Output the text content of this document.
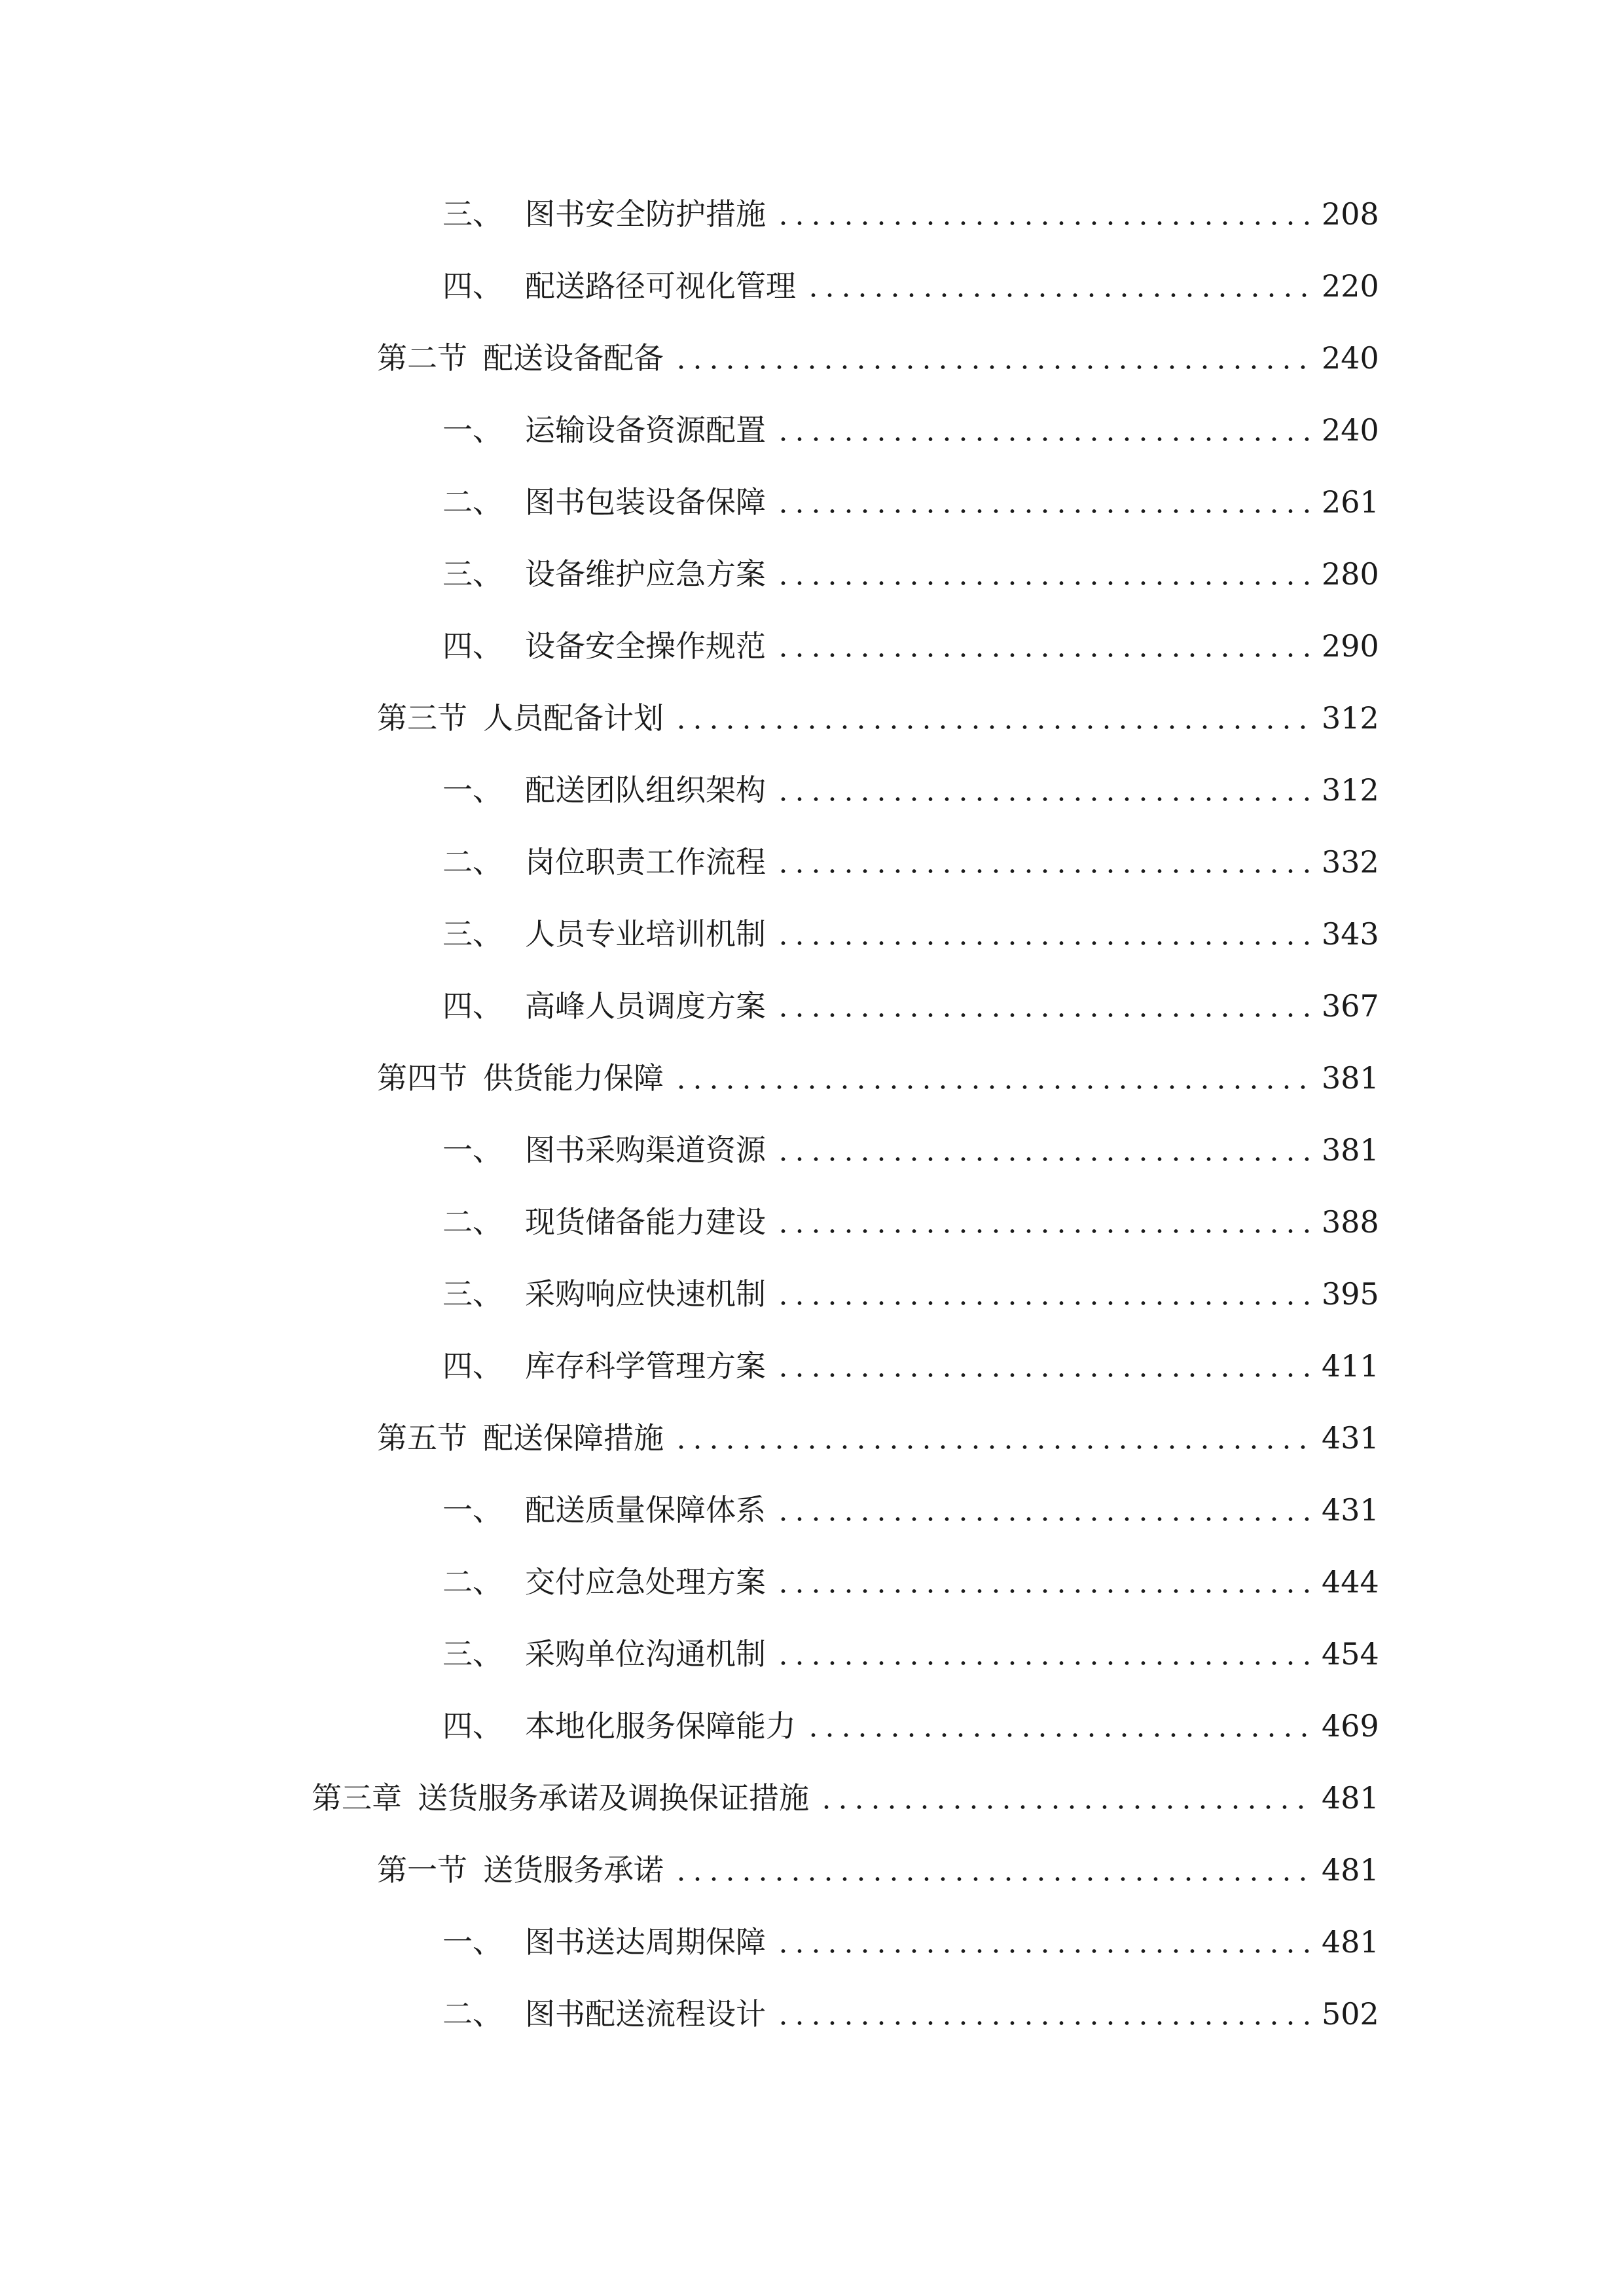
三、 图书安全防护措施	208
四、 配送路径可视化管理	220
第二节 配送设备配备	240
一、 运输设备资源配置	240
二、 图书包装设备保障	261
三、 设备维护应急方案	280
四、 设备安全操作规范	290
第三节 人员配备计划	312
一、 配送团队组织架构	312
二、 岗位职责工作流程	332
三、 人员专业培训机制	343
四、 高峰人员调度方案	367
第四节 供货能力保障	381
一、 图书采购渠道资源	381
二、 现货储备能力建设	388
三、 采购响应快速机制	395
四、 库存科学管理方案	411
第五节 配送保障措施	431
一、 配送质量保障体系	431
二、 交付应急处理方案	444
三、 采购单位沟通机制	454
四、 本地化服务保障能力	469
第三章 送货服务承诺及调换保证措施	481
第一节 送货服务承诺	481
一、 图书送达周期保障	481
二、 图书配送流程设计	502
